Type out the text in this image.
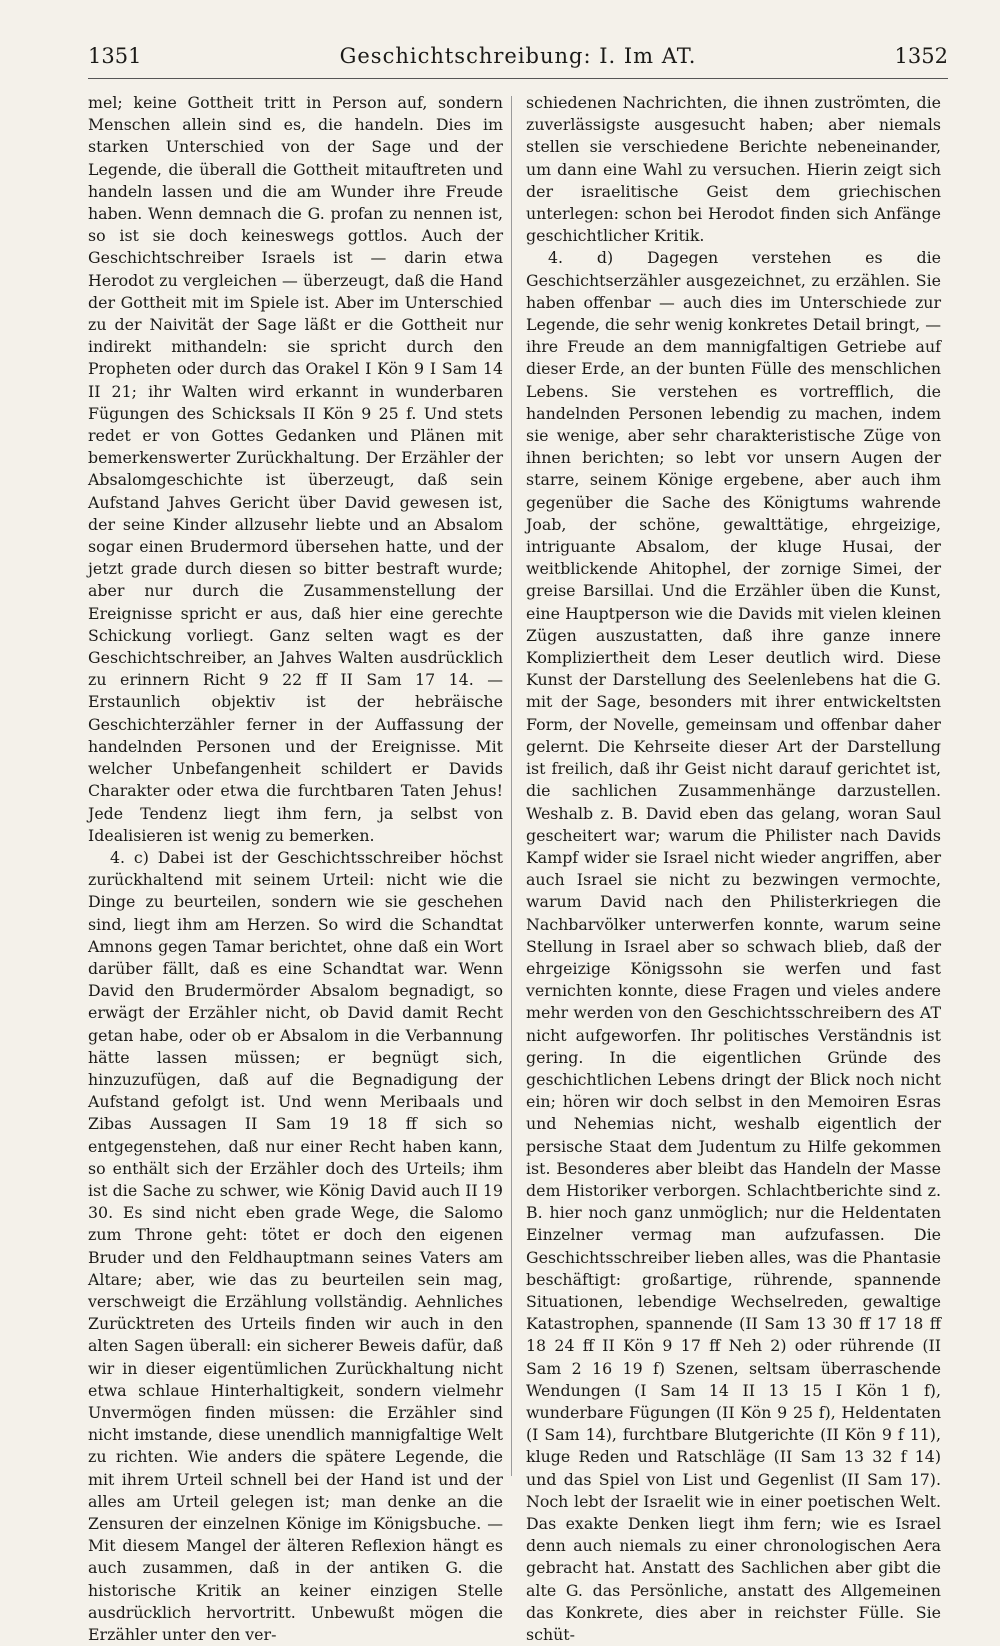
1351	Geschichtschreibung: I. Im AT.	1352

mel; keine Gottheit tritt in Person auf, sondern Menschen allein sind es, die handeln. Dies im starken Unterschied von der Sage und der Legende, die überall die Gottheit mitauftreten und handeln lassen und die am Wunder ihre Freude haben. Wenn demnach die G. profan zu nennen ist, so ist sie doch keineswegs gottlos. Auch der Geschichtschreiber Israels ist — darin etwa Herodot zu vergleichen — überzeugt, daß die Hand der Gottheit mit im Spiele ist. Aber im Unterschied zu der Naivität der Sage läßt er die Gottheit nur indirekt mithandeln: sie spricht durch den Propheten oder durch das Orakel I Kön 9 I Sam 14 II 21; ihr Walten wird erkannt in wunderbaren Fügungen des Schicksals II Kön 9 25 f. Und stets redet er von Gottes Gedanken und Plänen mit bemerkenswerter Zurückhaltung. Der Erzähler der Absalomgeschichte ist überzeugt, daß sein Aufstand Jahves Gericht über David gewesen ist, der seine Kinder allzusehr liebte und an Absalom sogar einen Brudermord übersehen hatte, und der jetzt grade durch diesen so bitter bestraft wurde; aber nur durch die Zusammenstellung der Ereignisse spricht er aus, daß hier eine gerechte Schickung vorliegt. Ganz selten wagt es der Geschichtschreiber, an Jahves Walten ausdrücklich zu erinnern Richt 9 22 ff II Sam 17 14. — Erstaunlich objektiv ist der hebräische Geschichterzähler ferner in der Auffassung der handelnden Personen und der Ereignisse. Mit welcher Unbefangenheit schildert er Davids Charakter oder etwa die furchtbaren Taten Jehus! Jede Tendenz liegt ihm fern, ja selbst von Idealisieren ist wenig zu bemerken.

4. c) Dabei ist der Geschichtsschreiber höchst zurückhaltend mit seinem Urteil: nicht wie die Dinge zu beurteilen, sondern wie sie geschehen sind, liegt ihm am Herzen. So wird die Schandtat Amnons gegen Tamar berichtet, ohne daß ein Wort darüber fällt, daß es eine Schandtat war. Wenn David den Brudermörder Absalom begnadigt, so erwägt der Erzähler nicht, ob David damit Recht getan habe, oder ob er Absalom in die Verbannung hätte lassen müssen; er begnügt sich, hinzuzufügen, daß auf die Begnadigung der Aufstand gefolgt ist. Und wenn Meribaals und Zibas Aussagen II Sam 19 18 ff sich so entgegenstehen, daß nur einer Recht haben kann, so enthält sich der Erzähler doch des Urteils; ihm ist die Sache zu schwer, wie König David auch II 19 30. Es sind nicht eben grade Wege, die Salomo zum Throne geht: tötet er doch den eigenen Bruder und den Feldhauptmann seines Vaters am Altare; aber, wie das zu beurteilen sein mag, verschweigt die Erzählung vollständig. Aehnliches Zurücktreten des Urteils finden wir auch in den alten Sagen überall: ein sicherer Beweis dafür, daß wir in dieser eigentümlichen Zurückhaltung nicht etwa schlaue Hinterhaltigkeit, sondern vielmehr Unvermögen finden müssen: die Erzähler sind nicht imstande, diese unendlich mannigfaltige Welt zu richten. Wie anders die spätere Legende, die mit ihrem Urteil schnell bei der Hand ist und der alles am Urteil gelegen ist; man denke an die Zensuren der einzelnen Könige im Königsbuche. — Mit diesem Mangel der älteren Reflexion hängt es auch zusammen, daß in der antiken G. die historische Kritik an keiner einzigen Stelle ausdrücklich hervortritt. Unbewußt mögen die Erzähler unter den ver-

schiedenen Nachrichten, die ihnen zuströmten, die zuverlässigste ausgesucht haben; aber niemals stellen sie verschiedene Berichte nebeneinander, um dann eine Wahl zu versuchen. Hierin zeigt sich der israelitische Geist dem griechischen unterlegen: schon bei Herodot finden sich Anfänge geschichtlicher Kritik.

4. d) Dagegen verstehen es die Geschichtserzähler ausgezeichnet, zu erzählen. Sie haben offenbar — auch dies im Unterschiede zur Legende, die sehr wenig konkretes Detail bringt, — ihre Freude an dem mannigfaltigen Getriebe auf dieser Erde, an der bunten Fülle des menschlichen Lebens. Sie verstehen es vortrefflich, die handelnden Personen lebendig zu machen, indem sie wenige, aber sehr charakteristische Züge von ihnen berichten; so lebt vor unsern Augen der starre, seinem Könige ergebene, aber auch ihm gegenüber die Sache des Königtums wahrende Joab, der schöne, gewalttätige, ehrgeizige, intriguante Absalom, der kluge Husai, der weitblickende Ahitophel, der zornige Simei, der greise Barsillai. Und die Erzähler üben die Kunst, eine Hauptperson wie die Davids mit vielen kleinen Zügen auszustatten, daß ihre ganze innere Kompliziertheit dem Leser deutlich wird. Diese Kunst der Darstellung des Seelenlebens hat die G. mit der Sage, besonders mit ihrer entwickeltsten Form, der Novelle, gemeinsam und offenbar daher gelernt. Die Kehrseite dieser Art der Darstellung ist freilich, daß ihr Geist nicht darauf gerichtet ist, die sachlichen Zusammenhänge darzustellen. Weshalb z. B. David eben das gelang, woran Saul gescheitert war; warum die Philister nach Davids Kampf wider sie Israel nicht wieder angriffen, aber auch Israel sie nicht zu bezwingen vermochte, warum David nach den Philisterkriegen die Nachbarvölker unterwerfen konnte, warum seine Stellung in Israel aber so schwach blieb, daß der ehrgeizige Königssohn sie werfen und fast vernichten konnte, diese Fragen und vieles andere mehr werden von den Geschichtsschreibern des AT nicht aufgeworfen. Ihr politisches Verständnis ist gering. In die eigentlichen Gründe des geschichtlichen Lebens dringt der Blick noch nicht ein; hören wir doch selbst in den Memoiren Esras und Nehemias nicht, weshalb eigentlich der persische Staat dem Judentum zu Hilfe gekommen ist. Besonderes aber bleibt das Handeln der Masse dem Historiker verborgen. Schlachtberichte sind z. B. hier noch ganz unmöglich; nur die Heldentaten Einzelner vermag man aufzufassen. Die Geschichtsschreiber lieben alles, was die Phantasie beschäftigt: großartige, rührende, spannende Situationen, lebendige Wechselreden, gewaltige Katastrophen, spannende (II Sam 13 30 ff 17 18 ff 18 24 ff II Kön 9 17 ff Neh 2) oder rührende (II Sam 2 16 19 f) Szenen, seltsam überraschende Wendungen (I Sam 14 II 13 15 I Kön 1 f), wunderbare Fügungen (II Kön 9 25 f), Heldentaten (I Sam 14), furchtbare Blutgerichte (II Kön 9 f 11), kluge Reden und Ratschläge (II Sam 13 32 f 14) und das Spiel von List und Gegenlist (II Sam 17). Noch lebt der Israelit wie in einer poetischen Welt. Das exakte Denken liegt ihm fern; wie es Israel denn auch niemals zu einer chronologischen Aera gebracht hat. Anstatt des Sachlichen aber gibt die alte G. das Persönliche, anstatt des Allgemeinen das Konkrete, dies aber in reichster Fülle. Sie schüt-
